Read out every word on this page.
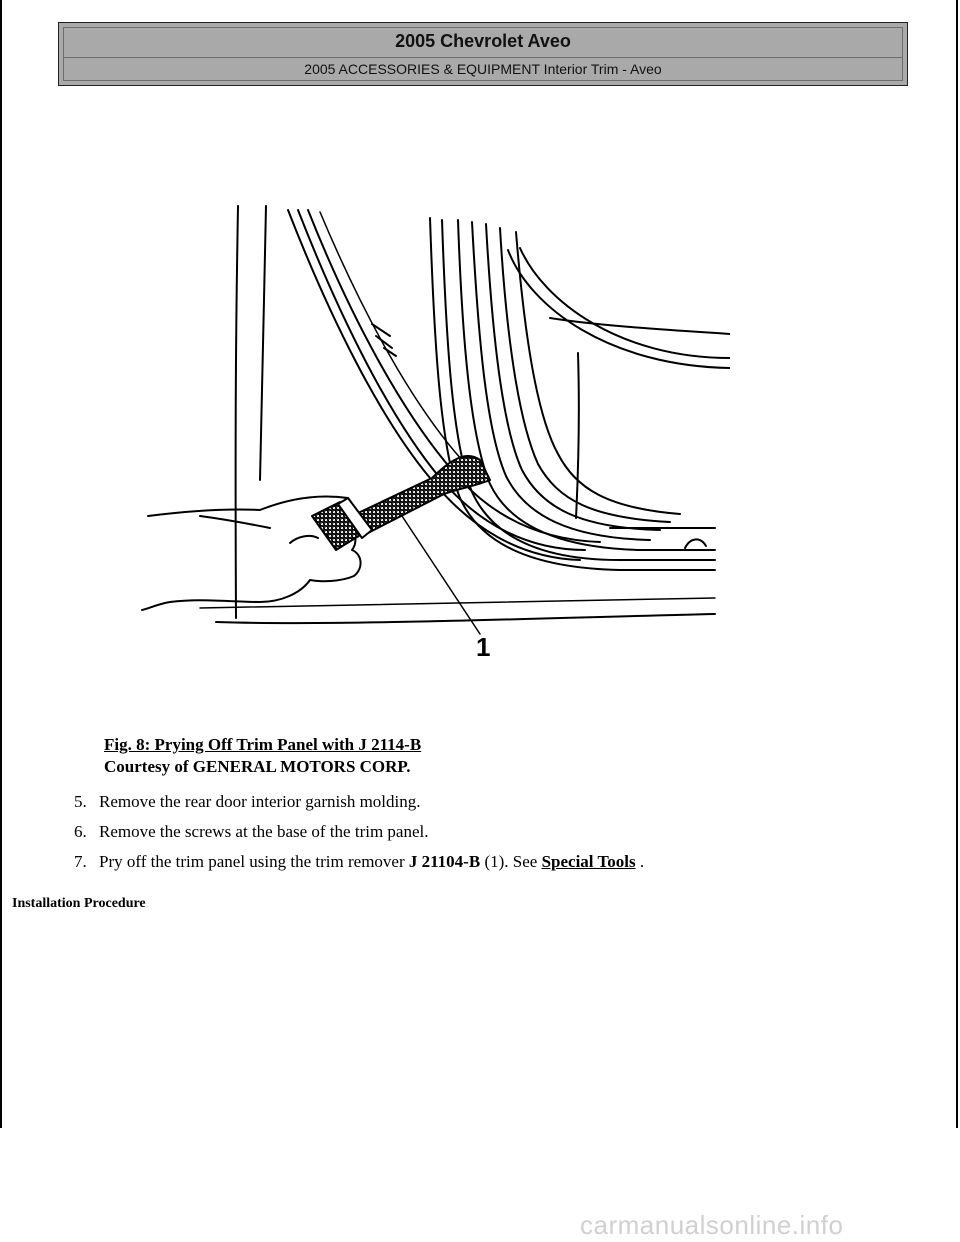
2005 Chevrolet Aveo
2005 ACCESSORIES & EQUIPMENT Interior Trim - Aveo
1
Fig. 8: Prying Off Trim Panel with J 2114-B
Courtesy of GENERAL MOTORS CORP.
5. Remove the rear door interior garnish molding.
6. Remove the screws at the base of the trim panel.
7. Pry off the trim panel using the trim remover J 21104-B (1). See Special Tools .
Installation Procedure
carmanualsonline.info
